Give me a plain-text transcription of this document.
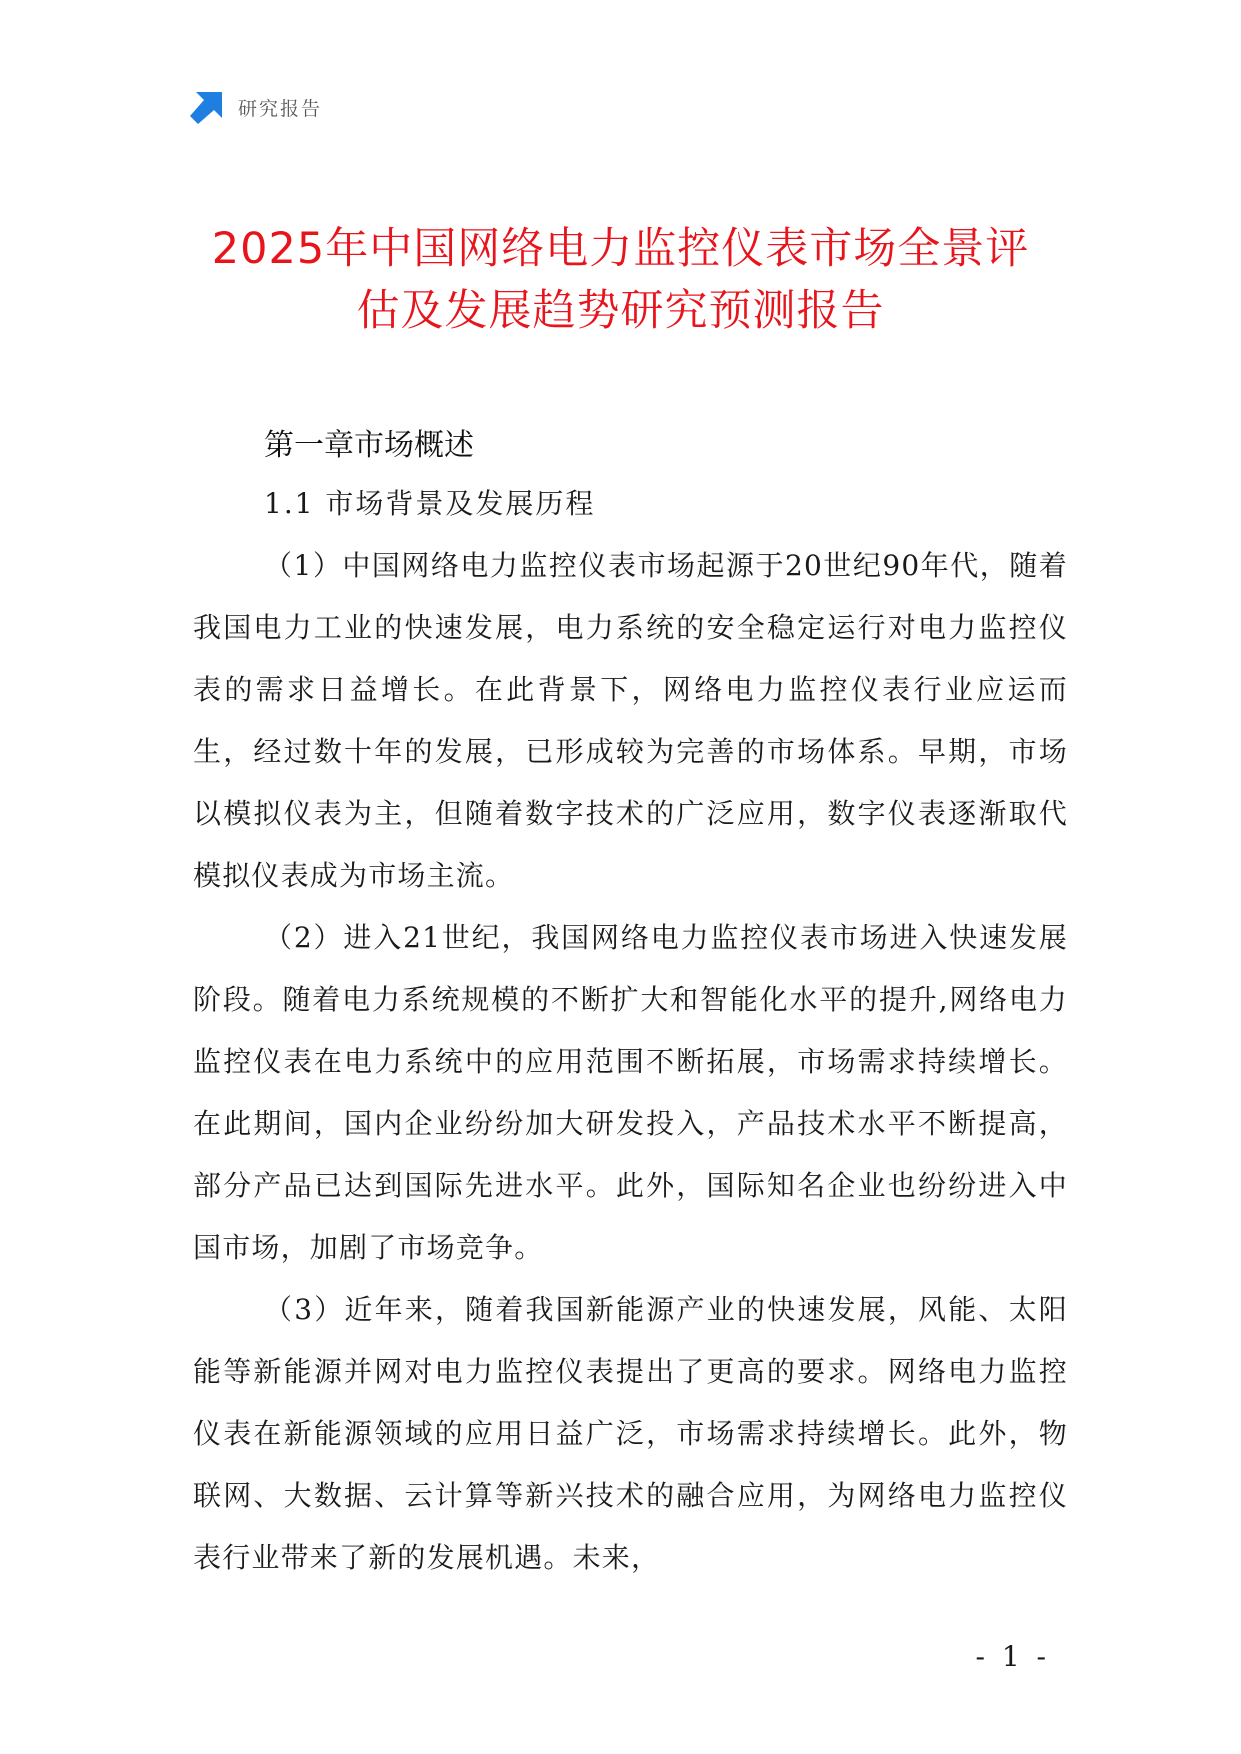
研究报告
2025年中国网络电力监控仪表市场全景评
估及发展趋势研究预测报告
第一章市场概述
1.1 市场背景及发展历程

（1）中国网络电力监控仪表市场起源于20世纪90年代，随着我国电力工业的快速发展，电力系统的安全稳定运行对电力监控仪表的需求日益增长。在此背景下，网络电力监控仪表行业应运而生，经过数十年的发展，已形成较为完善的市场体系。早期，市场以模拟仪表为主，但随着数字技术的广泛应用，数字仪表逐渐取代模拟仪表成为市场主流。

（2）进入21世纪，我国网络电力监控仪表市场进入快速发展阶段。随着电力系统规模的不断扩大和智能化水平的提升,网络电力监控仪表在电力系统中的应用范围不断拓展，市场需求持续增长。在此期间，国内企业纷纷加大研发投入，产品技术水平不断提高，部分产品已达到国际先进水平。此外，国际知名企业也纷纷进入中国市场，加剧了市场竞争。

（3）近年来，随着我国新能源产业的快速发展，风能、太阳能等新能源并网对电力监控仪表提出了更高的要求。网络电力监控仪表在新能源领域的应用日益广泛，市场需求持续增长。此外，物联网、大数据、云计算等新兴技术的融合应用，为网络电力监控仪表行业带来了新的发展机遇。未来，

- 1 -
